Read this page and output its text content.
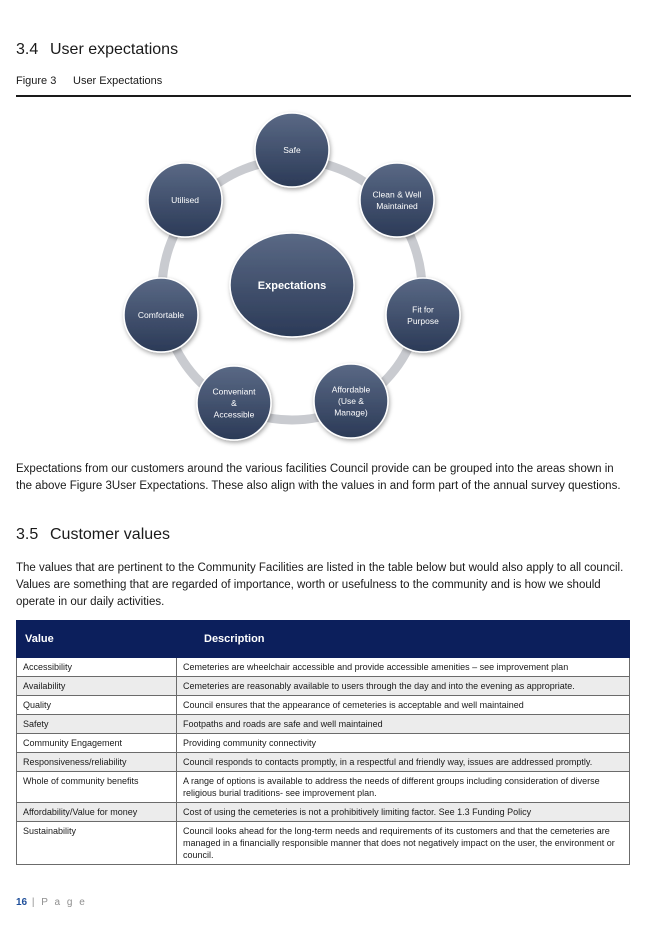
3.4 User expectations
Figure 3 User Expectations
Safe
Clean & Well
Maintained
Fit for
Purpose
Affordable
(Use &
Manage)
Conveniant
&
Accessible
Comfortable
Utilised
Expectations

Expectations from our customers around the various facilities Council provide can be grouped into the areas shown in the above Figure 3User Expectations. These also align with the values in and form part of the annual survey questions.

3.5 Customer values

The values that are pertinent to the Community Facilities are listed in the table below but would also apply to all council. Values are something that are regarded of importance, worth or usefulness to the community and is how we should operate in our daily activities.

Value	Description
Accessibility	Cemeteries are wheelchair accessible and provide accessible amenities – see improvement plan
Availability	Cemeteries are reasonably available to users through the day and into the evening as appropriate.
Quality	Council ensures that the appearance of cemeteries is acceptable and well maintained
Safety	Footpaths and roads are safe and well maintained
Community Engagement	Providing community connectivity
Responsiveness/reliability	Council responds to contacts promptly, in a respectful and friendly way, issues are addressed promptly.
Whole of community benefits	A range of options is available to address the needs of different groups including consideration of diverse religious burial traditions- see improvement plan.
Affordability/Value for money	Cost of using the cemeteries is not a prohibitively limiting factor. See 1.3 Funding Policy
Sustainability	Council looks ahead for the long-term needs and requirements of its customers and that the cemeteries are managed in a financially responsible manner that does not negatively impact on the user, the environment or council.
16 | P a g e
